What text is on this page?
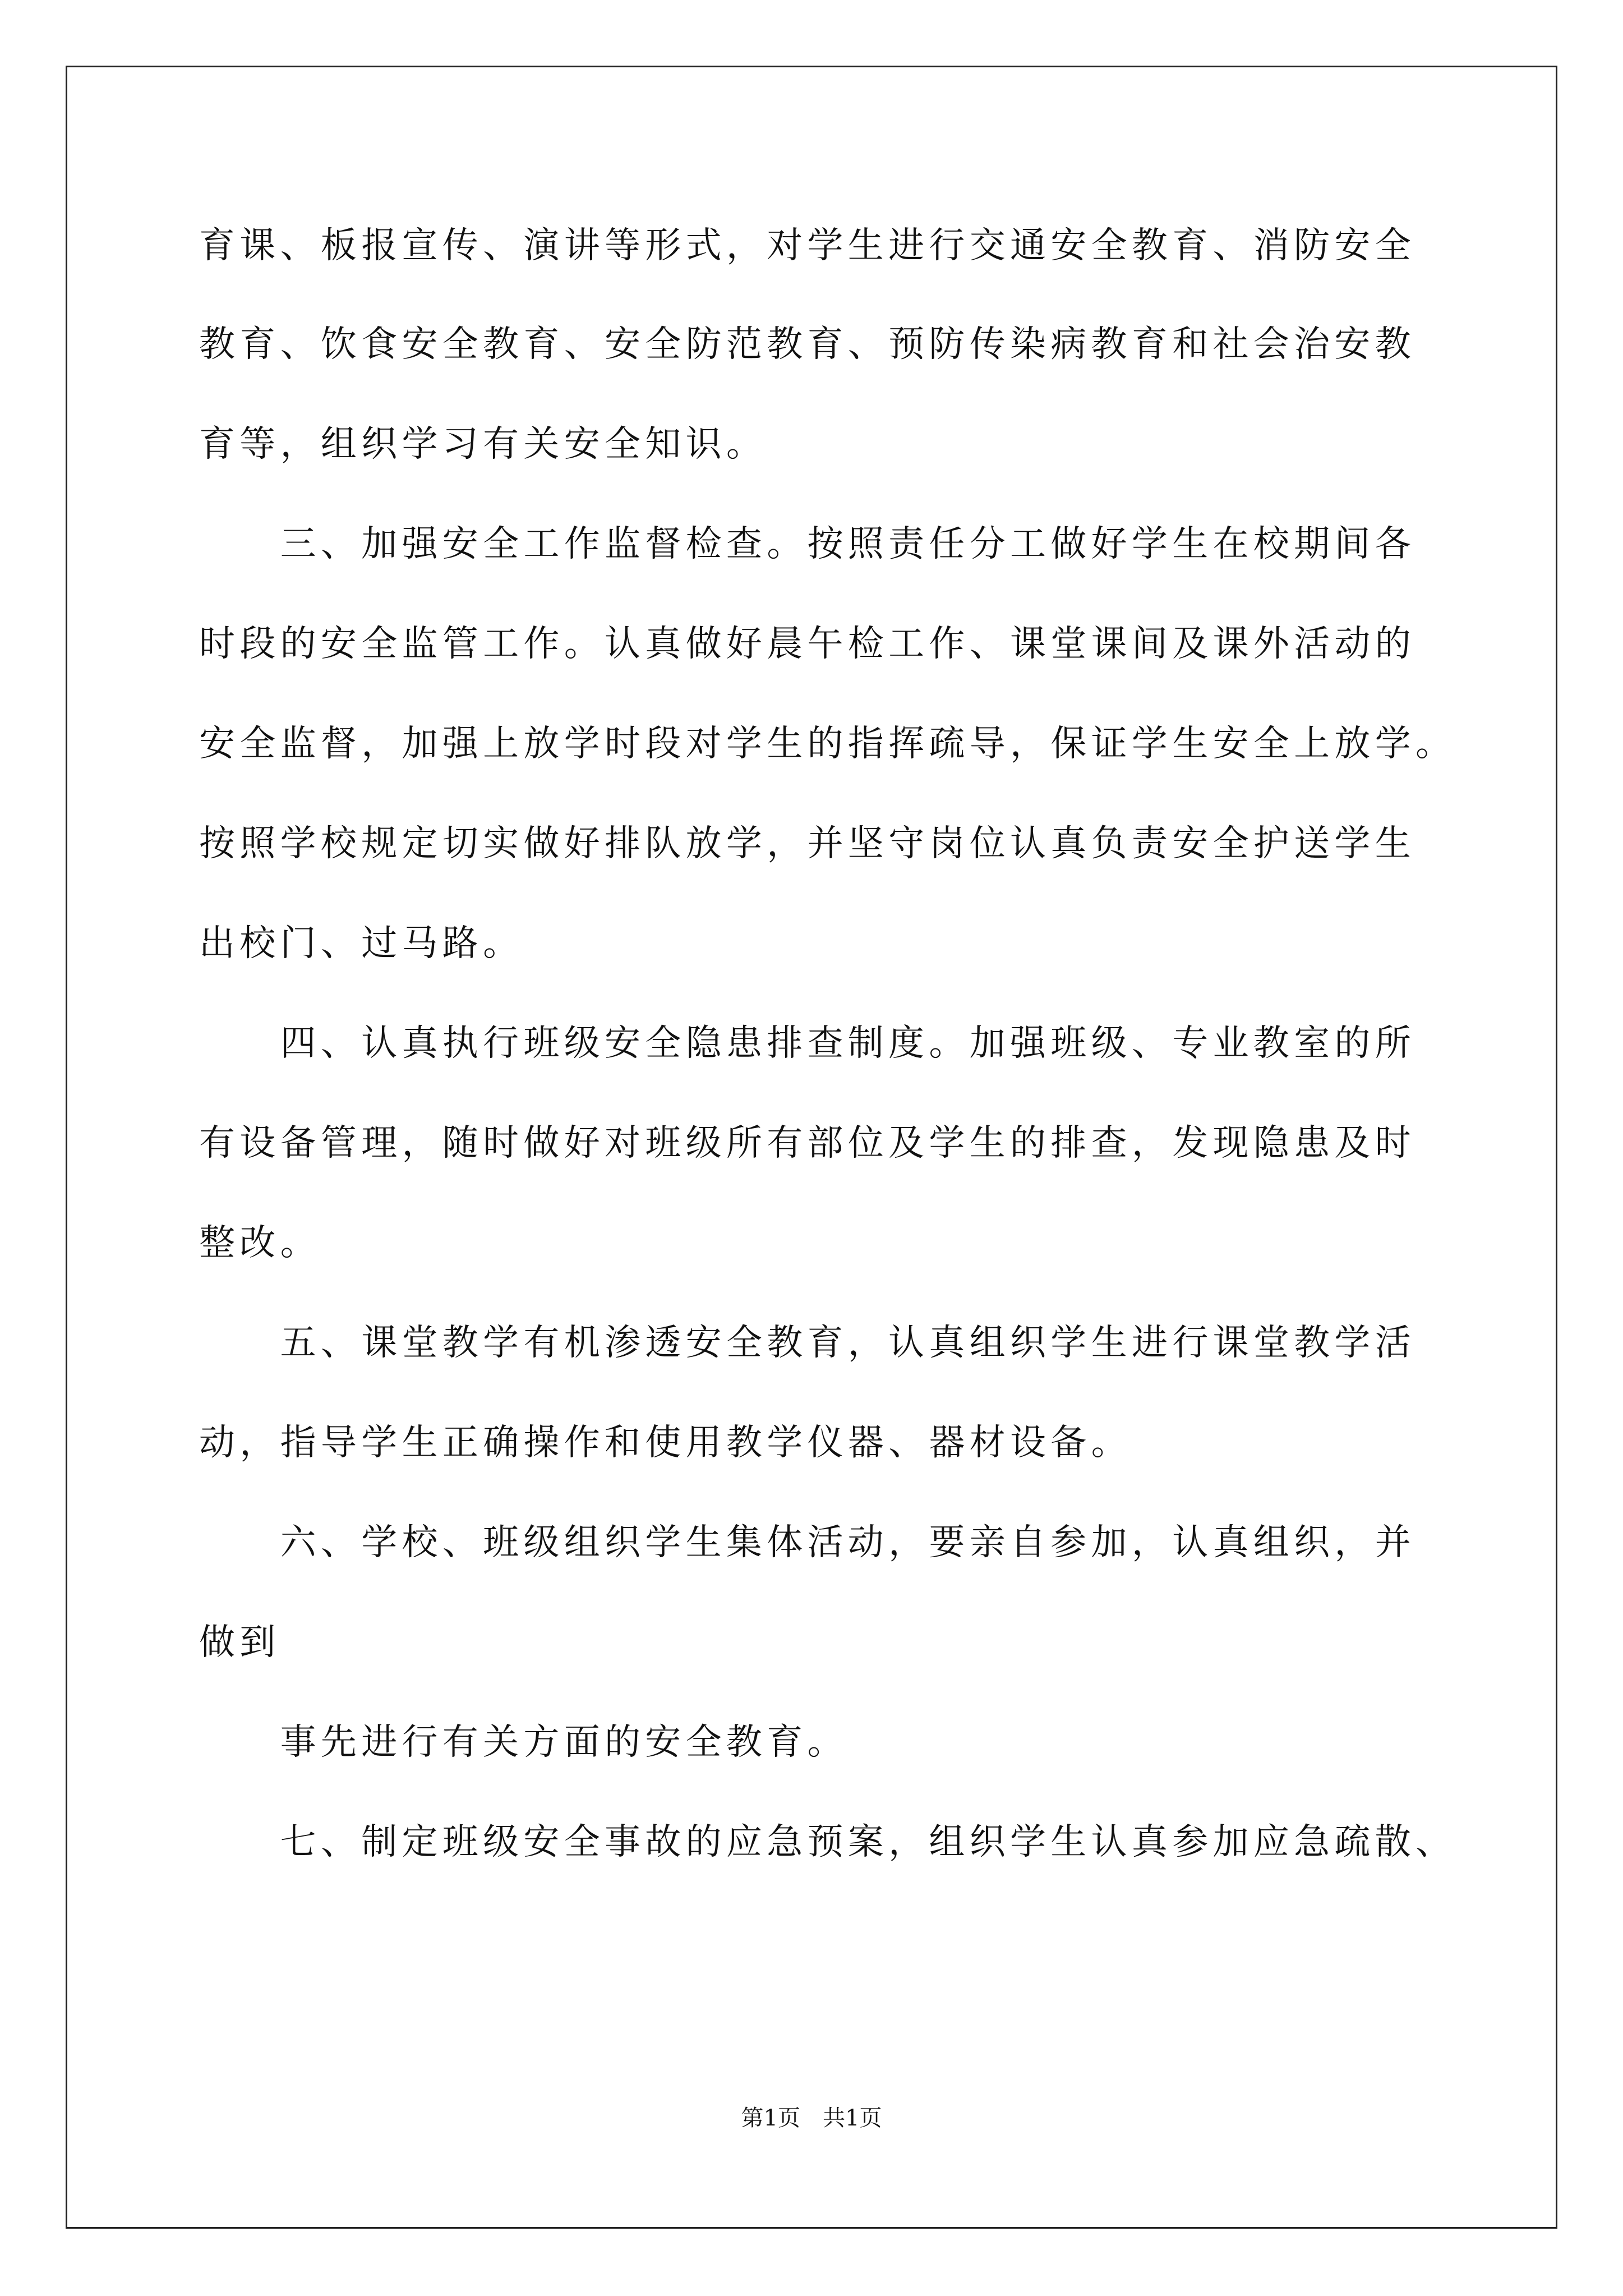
育课、板报宣传、演讲等形式，对学生进行交通安全教育、消防安全
教育、饮食安全教育、安全防范教育、预防传染病教育和社会治安教
育等，组织学习有关安全知识。
　　三、加强安全工作监督检查。按照责任分工做好学生在校期间各
时段的安全监管工作。认真做好晨午检工作、课堂课间及课外活动的
安全监督，加强上放学时段对学生的指挥疏导，保证学生安全上放学。
按照学校规定切实做好排队放学，并坚守岗位认真负责安全护送学生
出校门、过马路。
　　四、认真执行班级安全隐患排查制度。加强班级、专业教室的所
有设备管理，随时做好对班级所有部位及学生的排查，发现隐患及时
整改。
　　五、课堂教学有机渗透安全教育，认真组织学生进行课堂教学活
动，指导学生正确操作和使用教学仪器、器材设备。
　　六、学校、班级组织学生集体活动，要亲自参加，认真组织，并
做到
　　事先进行有关方面的安全教育。
　　七、制定班级安全事故的应急预案，组织学生认真参加应急疏散、
第1页　共1页
